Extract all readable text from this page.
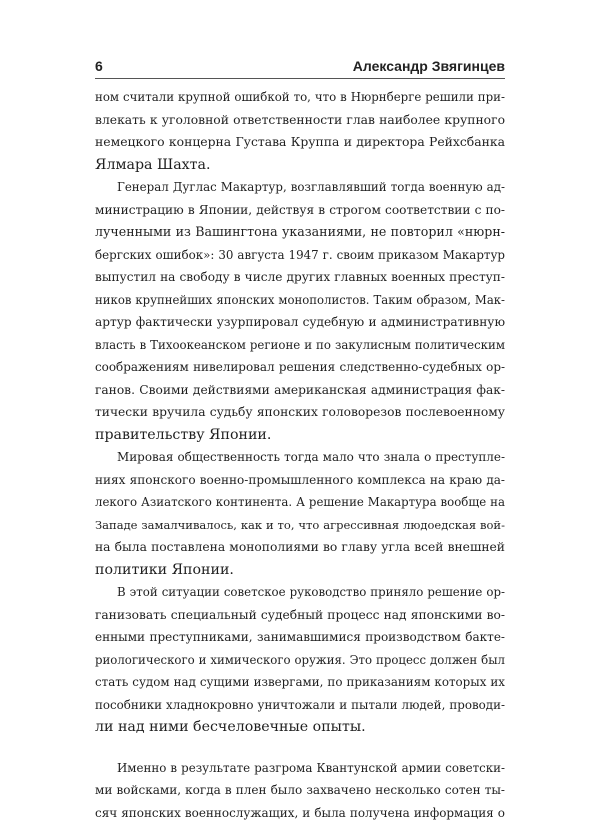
6	Александр Звягинцев

ном считали крупной ошибкой то, что в Нюрнберге решили при-
влекать к уголовной ответственности глав наиболее крупного
немецкого концерна Густава Круппа и директора Рейхсбанка
Ялмара Шахта.

Генерал Дуглас Макартур, возглавлявший тогда военную ад-
министрацию в Японии, действуя в строгом соответствии с по-
лученными из Вашингтона указаниями, не повторил «нюрн-
бергских ошибок»: 30 августа 1947 г. своим приказом Макартур
выпустил на свободу в числе других главных военных преступ-
ников крупнейших японских монополистов. Таким образом, Мак-
артур фактически узурпировал судебную и административную
власть в Тихоокеанском регионе и по закулисным политическим
соображениям нивелировал решения следственно-судебных ор-
ганов. Своими действиями американская администрация фак-
тически вручила судьбу японских головорезов послевоенному
правительству Японии.

Мировая общественность тогда мало что знала о преступле-
ниях японского военно-промышленного комплекса на краю да-
лекого Азиатского континента. А решение Макартура вообще на
Западе замалчивалось, как и то, что агрессивная людоедская вой-
на была поставлена монополиями во главу угла всей внешней
политики Японии.

В этой ситуации советское руководство приняло решение ор-
ганизовать специальный судебный процесс над японскими во-
енными преступниками, занимавшимися производством бакте-
риологического и химического оружия. Это процесс должен был
стать судом над сущими извергами, по приказаниям которых их
пособники хладнокровно уничтожали и пытали людей, проводи-
ли над ними бесчеловечные опыты.

Именно в результате разгрома Квантунской армии советски-
ми войсками, когда в плен было захвачено несколько сотен ты-
сяч японских военнослужащих, и была получена информация о
